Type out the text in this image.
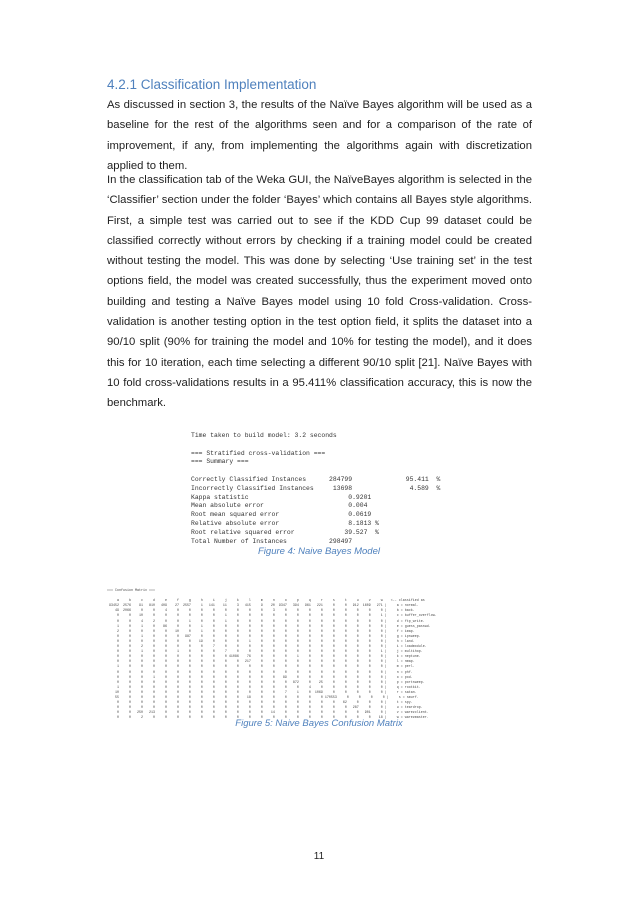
4.2.1 Classification Implementation

As discussed in section 3, the results of the Naïve Bayes algorithm will be used as a baseline for the rest of the algorithms seen and for a comparison of the rate of improvement, if any, from implementing the algorithms again with discretization applied to them.

In the classification tab of the Weka GUI, the NaïveBayes algorithm is selected in the ‘Classifier’ section under the folder ‘Bayes’ which contains all Bayes style algorithms. First, a simple test was carried out to see if the KDD Cup 99 dataset could be classified correctly without errors by checking if a training model could be created without testing the model. This was done by selecting ‘Use training set’ in the test options field, the model was created successfully, thus the experiment moved onto building and testing a Naïve Bayes model using 10 fold Cross-validation. Cross-validation is another testing option in the test option field, it splits the dataset into a 90/10 split (90% for training the model and 10% for testing the model), and it does this for 10 iteration, each time selecting a different 90/10 split [21]. Naïve Bayes with 10 fold cross-validations results in a 95.411% classification accuracy, this is now the benchmark.

Time taken to build model: 3.2 seconds

=== Stratified cross-validation ===
=== Summary ===

Correctly Classified Instances      284799              95.411  %
Incorrectly Classified Instances     13698               4.589  %
Kappa statistic                          0.9201
Mean absolute error                      0.004
Root mean squared error                  0.0619
Relative absolute error                  8.1813 %
Root relative squared error             39.527  %
Total Number of Instances           298497
Figure 4: Naive Bayes Model
=== Confusion Matrix ===

a     b     c     d     e     f     g     h     i     j     k     l     m     n     o     p     q     r     s     t     u     v     w    <-- classified as
93452  2576    91   810   409    27  2557     1   141    11     3   415     9    20  9347   394   961   221     0     0   912  1609   271 |     a = normal.
49  2066     0     0     4     0     0     0     0     0     0     0     0     3     0     0     0     0     0     0     0     0     0 |     b = back.
0     0    10     0     0     0     0     0     0     1     0     0     0     0     0     0     0     0     0     0     0     0     1 |     c = buffer_overflow.
0     0     4     2     0     0     1     0     0     1     0     0     0     0     0     0     0     0     0     0     0     0     0 |     d = ftp_write.
1     0     1     0    86     0     0     1     0     0     0     0     0     0     0     0     0     0     0     0     0     0     0 |     e = guess_passwd.
2     0     0     0     0    10     0     1     0     0     0     0     0     0     0     0     0     0     0     0     0     0     0 |     f = imap.
0     0     1     0     0     0   987     0     0     0     0     0     0     0     0     0     0     0     0     0     0     0     0 |     g = ipsweep.
0     0     0     0     0     0     0    19     0     0     0     1     0     0     0     0     0     0     0     0     0     0     0 |     h = land.
0     0     2     0     0     0     0     0     7     0     0     0     0     0     0     0     0     0     0     0     0     0     0 |     i = loadmodule.
0     0     1     0     0     1     0     0     0     7     0     0     0     0     0     0     0     0     0     0     0     0     1 |     j = multihop.
0     0     0     0     0     0     0     0     0     0 41086    76     0     0     0     1     0     0     0     0     0     0     0 |     k = neptune.
0     0     0     0     0     0     0     0     0     0     0   217     0     0     0     0     0     0     0     0     0     0     0 |     l = nmap.
1     0     0     0     0     0     0     0     0     0     0     0     0     0     0     0     0     0     0     0     0     0     0 |     m = perl.
0     0     0     0     0     0     0     0     0     0     0     0     0     0     0     0     0     0     0     0     0     0     0 |     n = phf.
0     0     0     1     0     0     0     0     0     0     0     0     0     0    89     0     0     0     0     0     0     0     0 |     o = pod.
0     0     0     0     0     0     0     0     0     0     0     0     0     0     0   872     0    25     0     0     0     0     0 |     p = portsweep.
1     0     0     0     0     0     0     0     0     0     0     0     0     0     0     0     4     0     0     0     0     0     0 |     q = rootkit.
10     0     0     0     0     0     0     0     0     0     0     0     0     0     7     1     0  1069     0     0     0     0     0 |     r = satan.
55     0     0     0     0     0     0     0     0     0     0    18     0     0     0     0     0     0 170553     0     0     0     0 |     s = smurf.
0     0     0     0     0     0     0     0     0     0     0     0     0     0     0     0     0     0     0    62     0     0     0 |     t = spy.
0     0     0     0     0     0     0     0     0     0     0     0     0     0     0     0     0     0     0     0   287     0     0 |     u = teardrop.
0     0   250   213     0     0     0     0     0     0     0     0     0    14     0     0     0     0     0     0     0   901     0 |     v = warezclient.
0     0     2     0     0     0     0     0     0     0     0     0     0     0     0     0     0     0     0     0     0     0    18 |     w = warezmaster.
Figure 5: Naive Bayes Confusion Matrix
11
